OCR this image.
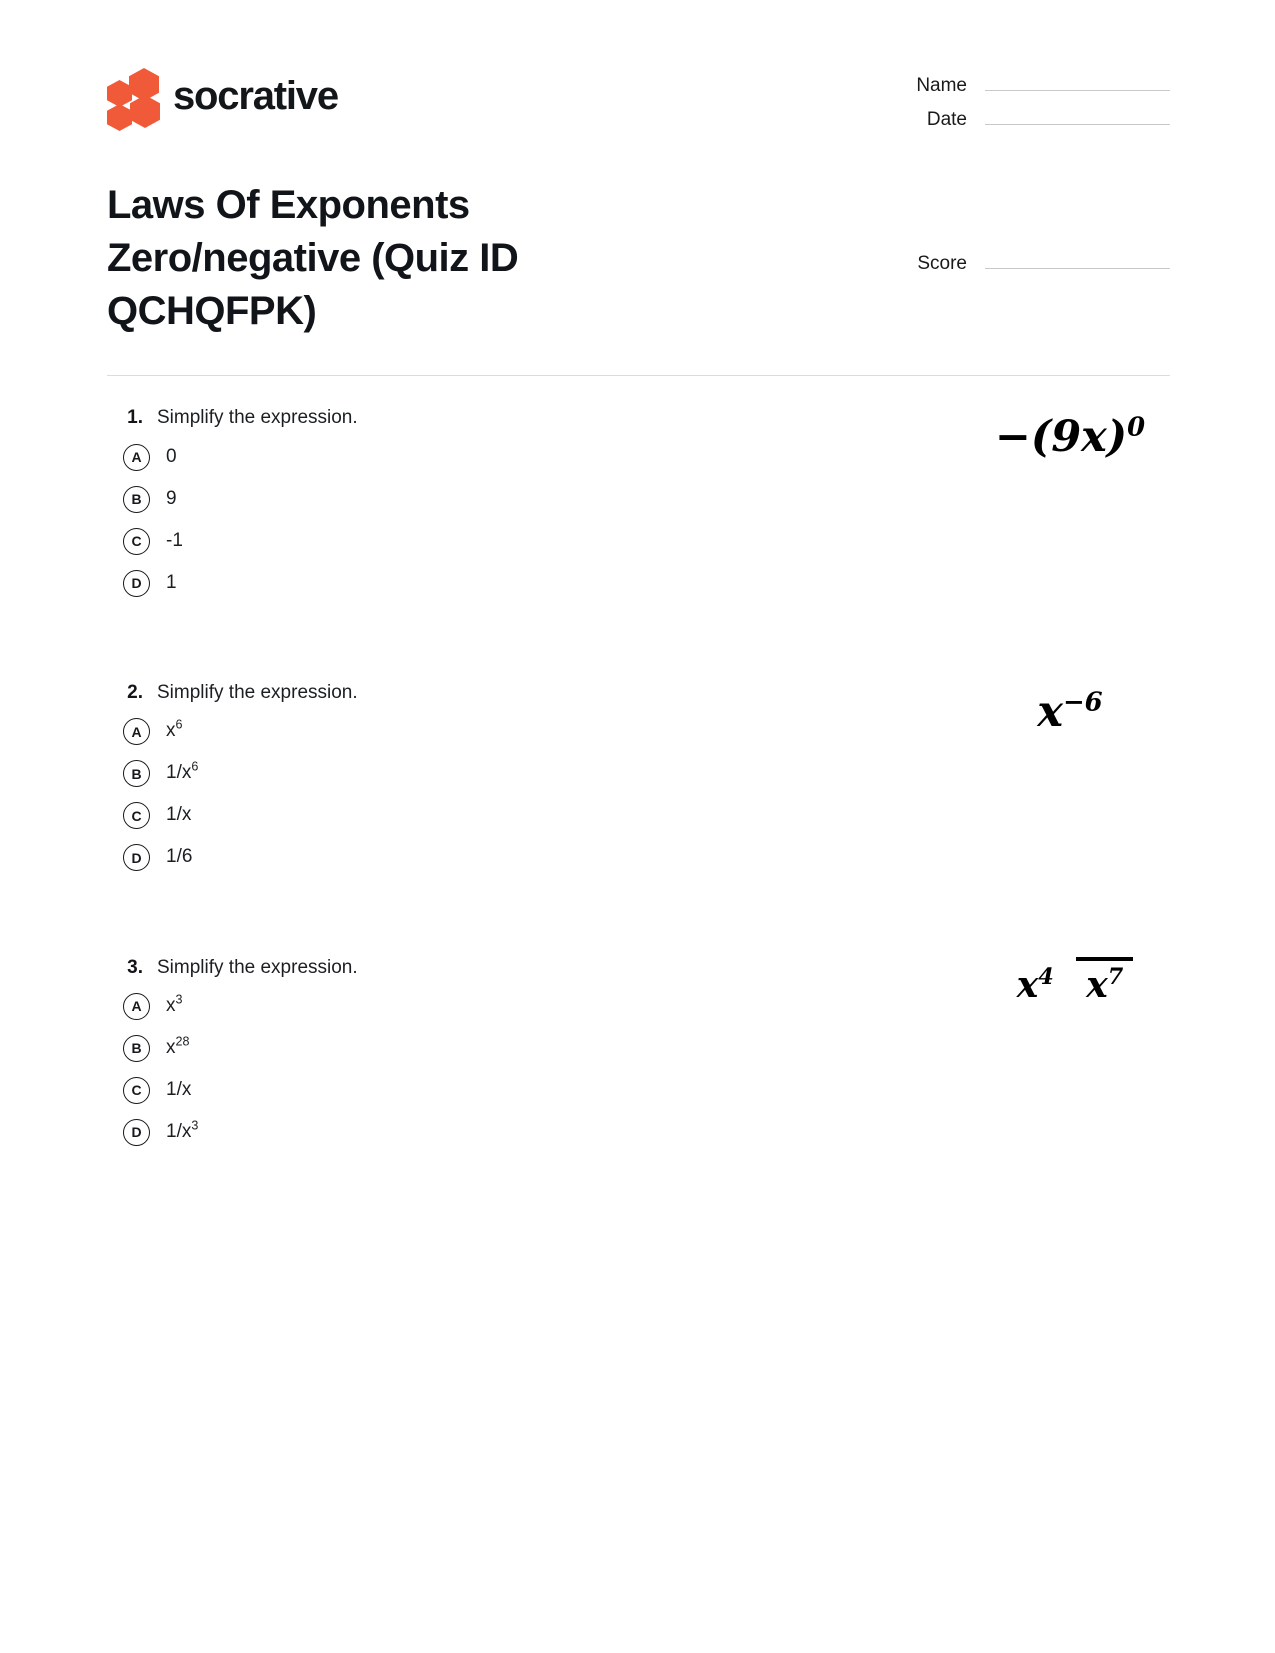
socrative	Name
Date
Laws Of Exponents Zero/negative (Quiz ID QCHQFPK)
Score
1. Simplify the expression.
A	0
B	9
C	-1
D	1
$-(9x)^0$
2. Simplify the expression.
A	$x^6$
B	$1/x^6$
C	1/x
D	1/6
$x^{-6}$
3. Simplify the expression.
A	$x^3$
B	$x^{28}$
C	1/x
D	$1/x^3$
$x^4$ $x^7$
